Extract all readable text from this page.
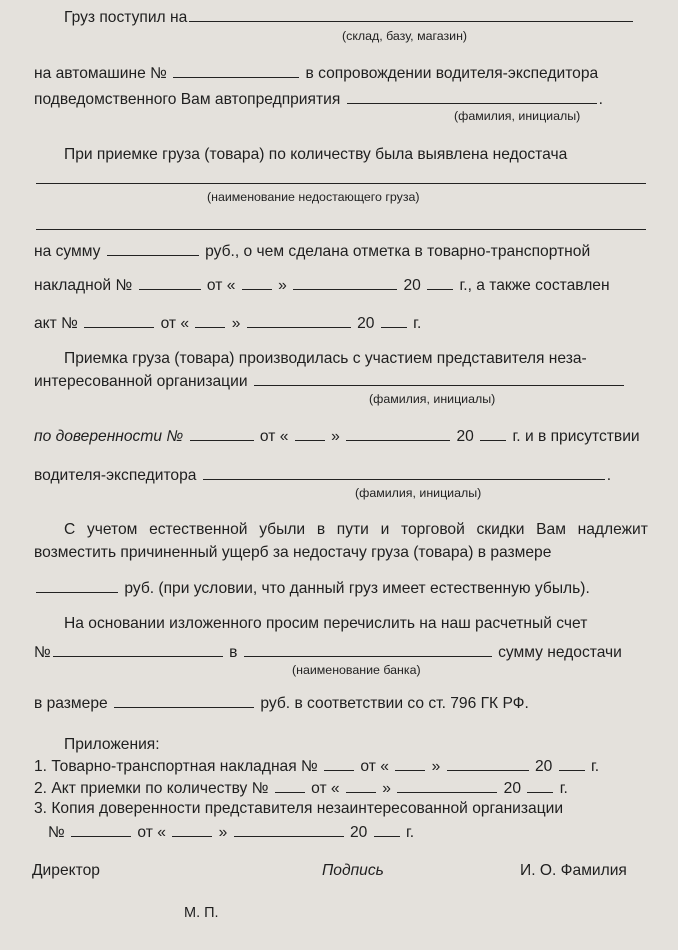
Груз поступил на
(склад, базу, магазин)
на автомашине №	в сопровождении водителя-экспедитора
подведомственного Вам автопредприятия	.
(фамилия, инициалы)
При приемке груза (товара) по количеству была выявлена недостача
(наименование недостающего груза)
на сумму	руб., о чем сделана отметка в товарно-транспортной
накладной №	от «	»	20 г., а также составлен
акт №	от «	»	20 г.
Приемка груза (товара) производилась с участием представителя неза-
интересованной организации
(фамилия, инициалы)
по доверенности №	от «	»	20 г. и в присутствии
водителя-экспедитора	.
(фамилия, инициалы)
С учетом естественной убыли в пути и торговой скидки Вам надлежит
возместить причиненный ущерб за недостачу груза (товара) в размере
руб. (при условии, что данный груз имеет естественную убыль).
На основании изложенного просим перечислить на наш расчетный счет
№	в	сумму недостачи
(наименование банка)
в размере	руб. в соответствии со ст. 796 ГК РФ.
Приложения:
1. Товарно-транспортная накладная №	от «	»	20 г.
2. Акт приемки по количеству №	от «	»	20 г.
3. Копия доверенности представителя незаинтересованной организации
№	от «	»	20 г.
Директор	Подпись	И. О. Фамилия
М. П.
